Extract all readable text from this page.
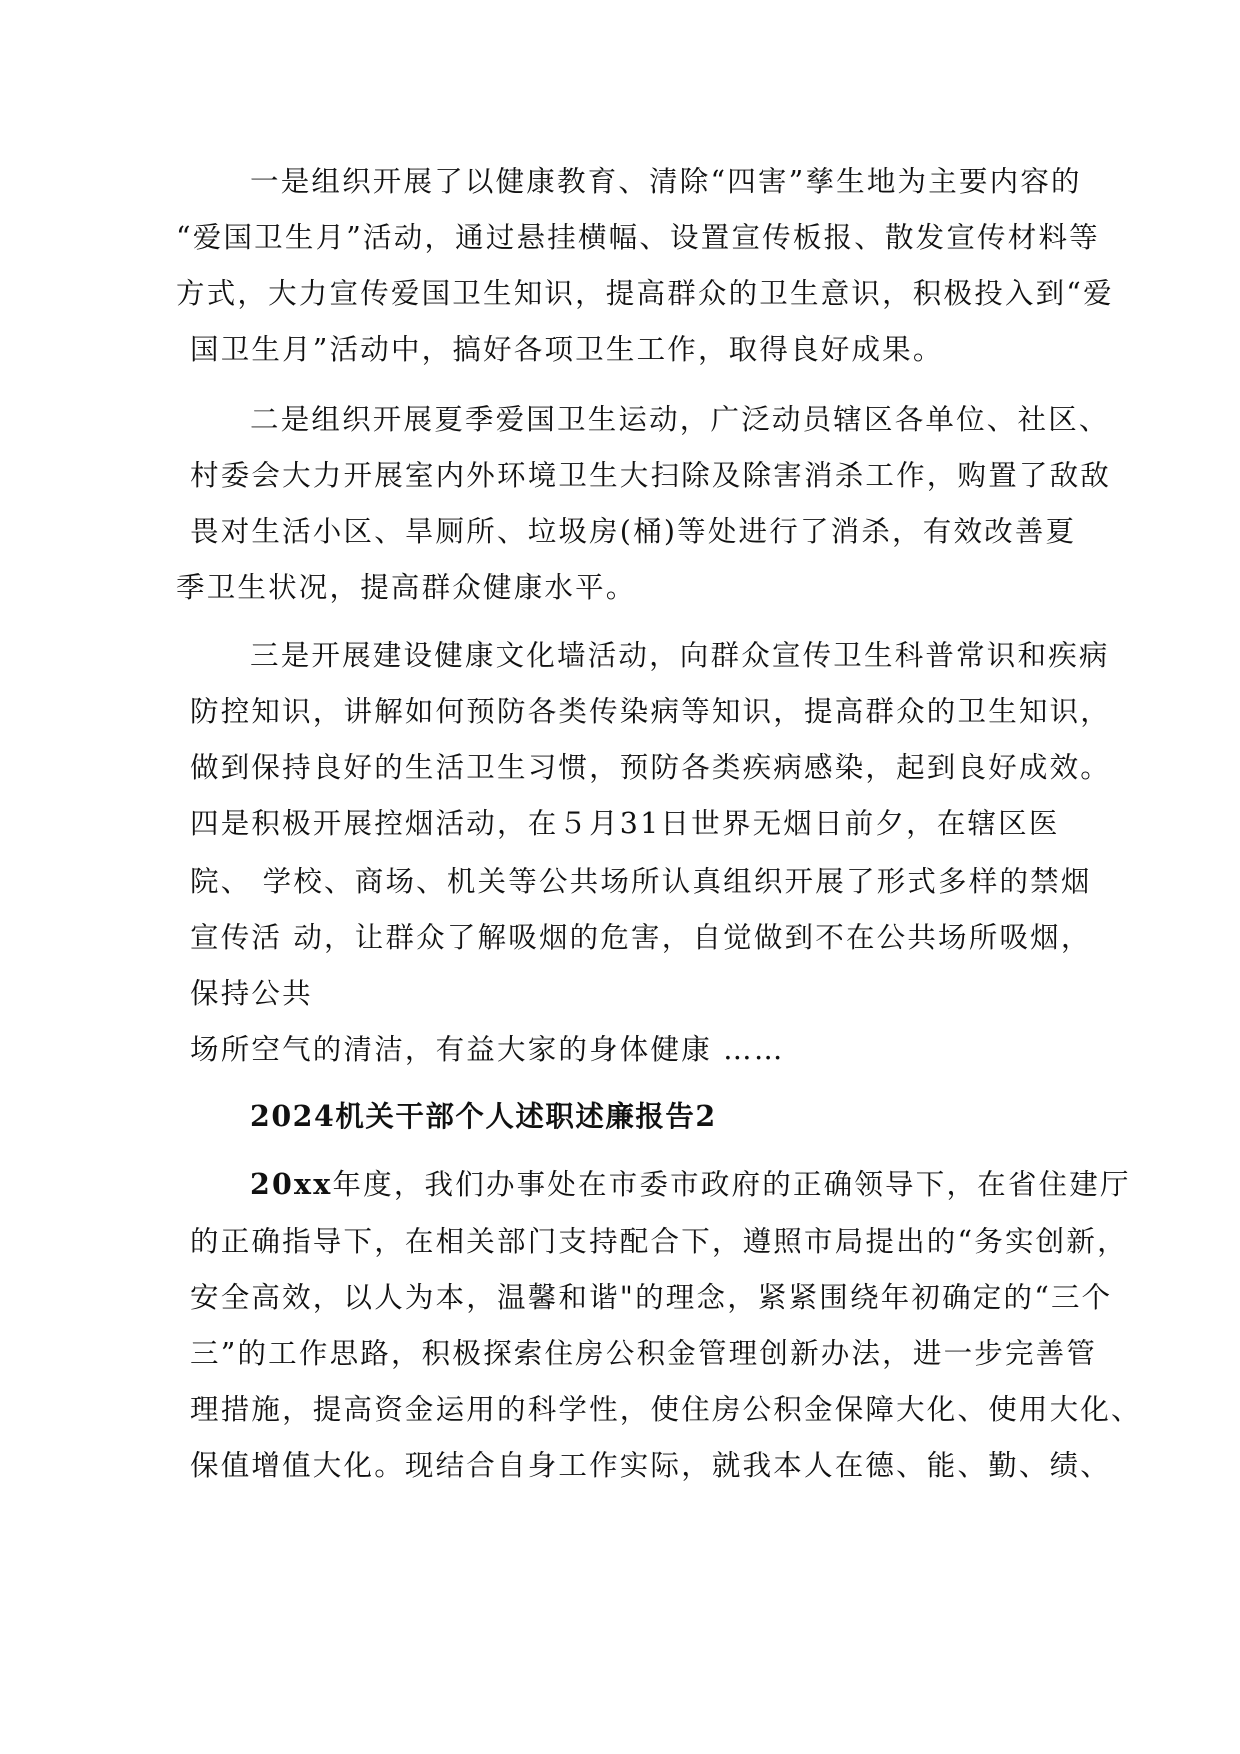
一是组织开展了以健康教育、清除“四害”孳生地为主要内容的
“爱国卫生月”活动，通过悬挂横幅、设置宣传板报、散发宣传材料等
方式，大力宣传爱国卫生知识，提高群众的卫生意识，积极投入到“爱
国卫生月”活动中，搞好各项卫生工作，取得良好成果。
二是组织开展夏季爱国卫生运动，广泛动员辖区各单位、社区、
村委会大力开展室内外环境卫生大扫除及除害消杀工作，购置了敌敌
畏对生活小区、旱厕所、垃圾房(桶)等处进行了消杀，有效改善夏
季卫生状况，提高群众健康水平。
三是开展建设健康文化墙活动，向群众宣传卫生科普常识和疾病
防控知识，讲解如何预防各类传染病等知识，提高群众的卫生知识，
做到保持良好的生活卫生习惯，预防各类疾病感染，起到良好成效。
四是积极开展控烟活动，在５月31日世界无烟日前夕，在辖区医
院、 学校、商场、机关等公共场所认真组织开展了形式多样的禁烟
宣传活 动，让群众了解吸烟的危害，自觉做到不在公共场所吸烟，
保持公共
场所空气的清洁，有益大家的身体健康 ……
2024机关干部个人述职述廉报告2
20xx年度，我们办事处在市委市政府的正确领导下，在省住建厅
的正确指导下，在相关部门支持配合下，遵照市局提出的“务实创新，
安全高效，以人为本，温馨和谐"的理念，紧紧围绕年初确定的“三个
三”的工作思路，积极探索住房公积金管理创新办法，进一步完善管
理措施，提高资金运用的科学性，使住房公积金保障大化、使用大化、
保值增值大化。现结合自身工作实际，就我本人在德、能、勤、绩、
